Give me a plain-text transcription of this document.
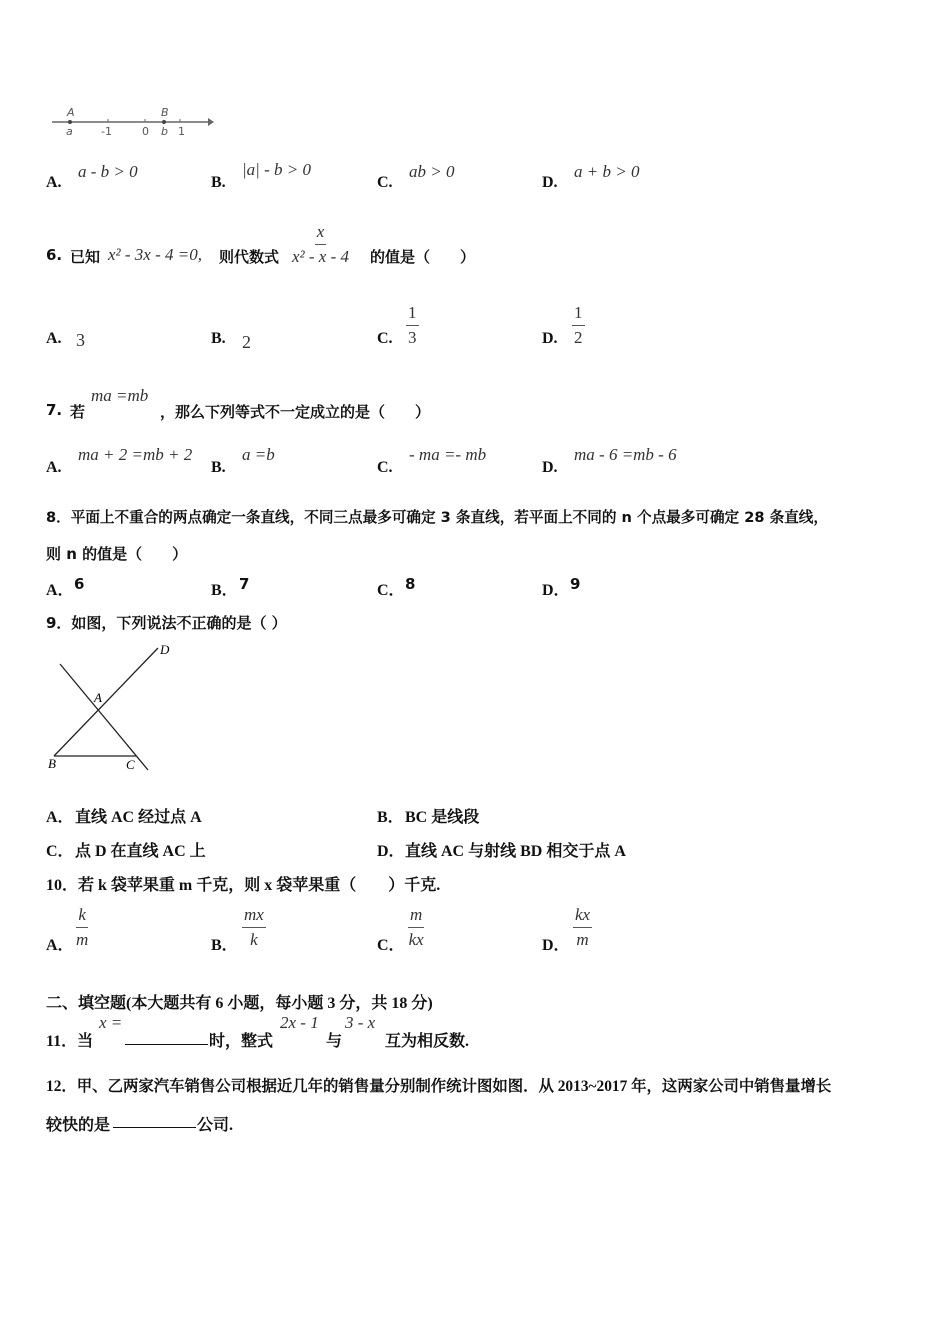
A	B
a	-1	0 b 1
A.
a - b > 0
B.
|a| - b > 0
C.
ab > 0
D.
a + b > 0
6. 已知 x² - 3x - 4 =0, 则代数式 $\frac{x}{\text{x² - x - 4}}$ 的值是（　　）
A. 3	B. 2	C. $\frac{1}{3}$	D. $\frac{1}{2}$
7. 若
ma =mb
，那么下列等式不一定成立的是（　　）
A.
ma + 2 =mb + 2
B.
a =b
C.
- ma =- mb
D.
ma - 6 =mb - 6
8．平面上不重合的两点确定一条直线，不同三点最多可确定 3 条直线，若平面上不同的 n 个点最多可确定 28 条直线，
则 n 的值是（　　）
A． 6	B． 7	C． 8	D． 9
9．如图，下列说法不正确的是（ ）
D
A
B	C
A． 直线 AC 经过点 A	B． BC 是线段
C． 点 D 在直线 AC 上	D． 直线 AC 与射线 BD 相交于点 A
10．若 k 袋苹果重 m 千克，则 x 袋苹果重（　　）千克.
A． $\frac{k}{m}$	B． $\frac{mx}{k}$	C． $\frac{m}{kx}$	D． $\frac{kx}{m}$
二、填空题(本大题共有 6 小题，每小题 3 分，共 18 分)
11．当
x =
时，整式
2x - 1
与
3 - x
互为相反数.
12．甲、乙两家汽车销售公司根据近几年的销售量分别制作统计图如图．从 2013~2017 年，这两家公司中销售量增长
较快的是	公司.
